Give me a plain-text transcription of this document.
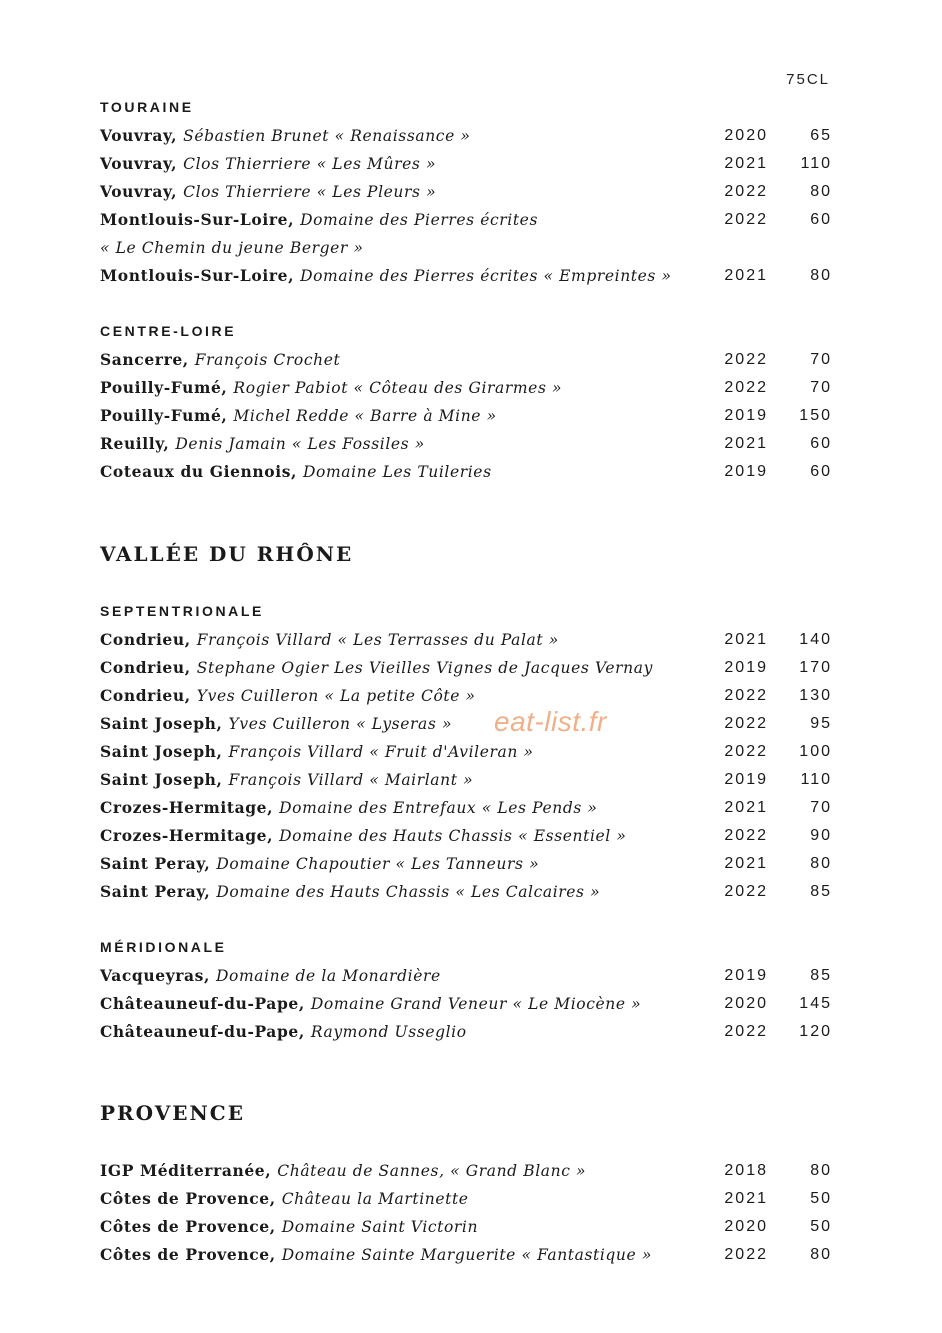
75CL
TOURAINE
CENTRE-LOIRE
VALLÉE DU RHÔNE
SEPTENTRIONALE
MÉRIDIONALE
PROVENCE
eat-list.fr
Vouvray, Sébastien Brunet « Renaissance »	2020	65
Vouvray, Clos Thierriere « Les Mûres »	2021	110
Vouvray, Clos Thierriere « Les Pleurs »	2022	80
Montlouis-Sur-Loire, Domaine des Pierres écrites	2022	60
« Le Chemin du jeune Berger »
Montlouis-Sur-Loire, Domaine des Pierres écrites « Empreintes »	2021	80
Sancerre, François Crochet	2022	70
Pouilly-Fumé, Rogier Pabiot « Côteau des Girarmes »	2022	70
Pouilly-Fumé, Michel Redde « Barre à Mine »	2019	150
Reuilly, Denis Jamain « Les Fossiles »	2021	60
Coteaux du Giennois, Domaine Les Tuileries	2019	60
Condrieu, François Villard « Les Terrasses du Palat »	2021	140
Condrieu, Stephane Ogier Les Vieilles Vignes de Jacques Vernay	2019	170
Condrieu, Yves Cuilleron « La petite Côte »	2022	130
Saint Joseph, Yves Cuilleron « Lyseras »	2022	95
Saint Joseph, François Villard « Fruit d'Avileran »	2022	100
Saint Joseph, François Villard « Mairlant »	2019	110
Crozes-Hermitage, Domaine des Entrefaux « Les Pends »	2021	70
Crozes-Hermitage, Domaine des Hauts Chassis « Essentiel »	2022	90
Saint Peray, Domaine Chapoutier « Les Tanneurs »	2021	80
Saint Peray, Domaine des Hauts Chassis « Les Calcaires »	2022	85
Vacqueyras, Domaine de la Monardière	2019	85
Châteauneuf-du-Pape, Domaine Grand Veneur « Le Miocène »	2020	145
Châteauneuf-du-Pape, Raymond Usseglio	2022	120
IGP Méditerranée, Château de Sannes, « Grand Blanc »	2018	80
Côtes de Provence, Château la Martinette	2021	50
Côtes de Provence, Domaine Saint Victorin	2020	50
Côtes de Provence, Domaine Sainte Marguerite « Fantastique »	2022	80
